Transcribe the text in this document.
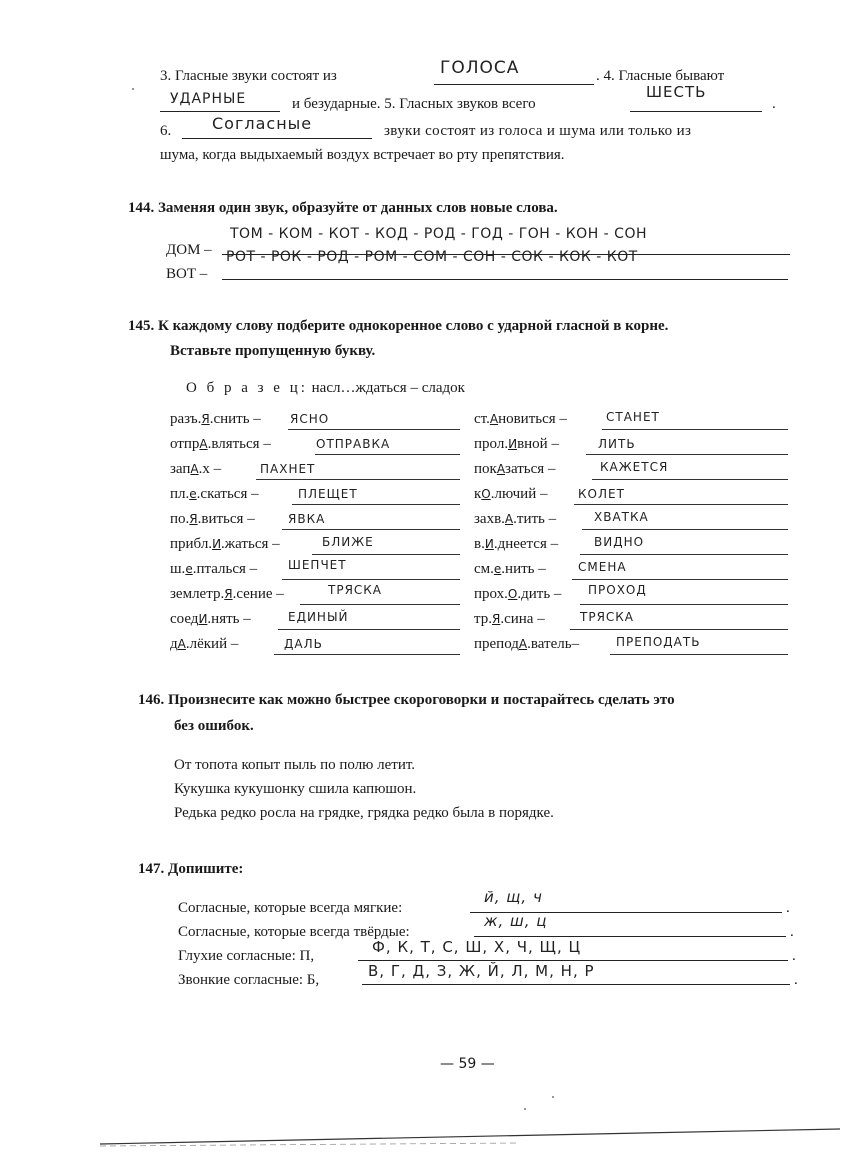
3. Гласные звуки состоят из	ГОЛОСА	. 4. Гласные бывают
УДАРНЫЕ	и безударные. 5. Гласных звуков всего
ШЕСТЬ
.
6.	Согласные	звуки состоят из голоса и шума или только из
шума, когда выдыхаемый воздух встречает во рту препятствия.
144. Заменяя один звук, образуйте от данных слов новые слова.
ДОМ –
ТОМ - КОМ - КОТ - КОД - РОД - ГОД - ГОН - КОН - СОН
ВОТ –
РОТ - РОК - РОД - РОМ - СОМ - СОН - СОК - КОК - КОТ
145. К каждому слову подберите однокоренное слово с ударной гласной в корне.
Вставьте пропущенную букву.
О б р а з е ц: насл…ждаться – сладок
разъ.Я.снить – ЯСНО
отпрА.вляться –	ОТПРАВКА
запА.х –	ПАХНЕТ
пл.е.скаться –	ПЛЕЩЕТ
по.Я.виться –	ЯВКА
прибл.И.жаться –	БЛИЖЕ
ш.е.пталься –	ШЕПЧЕТ
землетр.Я.сение –	ТРЯСКА
соедИ.нять –	ЕДИНЫЙ
дА.лёкий –	ДАЛЬ
ст.Ановиться –	СТАНЕТ
прол.Ивной –	ЛИТЬ
покАзаться –	КАЖЕТСЯ
кО.лючий –	КОЛЕТ
захв.А.тить –	ХВАТКА
в.И.днеется –	ВИДНО
см.е.нить –	СМЕНА
прох.О.дить – ПРОХОД
тр.Я.сина –	ТРЯСКА
преподА.ватель–	ПРЕПОДАТЬ
146. Произнесите как можно быстрее скороговорки и постарайтесь сделать это
без ошибок.
От топота копыт пыль по полю летит.
Кукушка кукушонку сшила капюшон.
Редька редко росла на грядке, грядка редко была в порядке.
147. Допишите:
Согласные, которые всегда мягкие:
й, щ, ч
.
Согласные, которые всегда твёрдые:
ж, ш, ц
.
Глухие согласные: П,	Ф, К, Т, С, Ш, Х, Ч, Щ, Ц	.
Звонкие согласные: Б,	В, Г, Д, З, Ж, Й, Л, М, Н, Р	.
— 59 —
